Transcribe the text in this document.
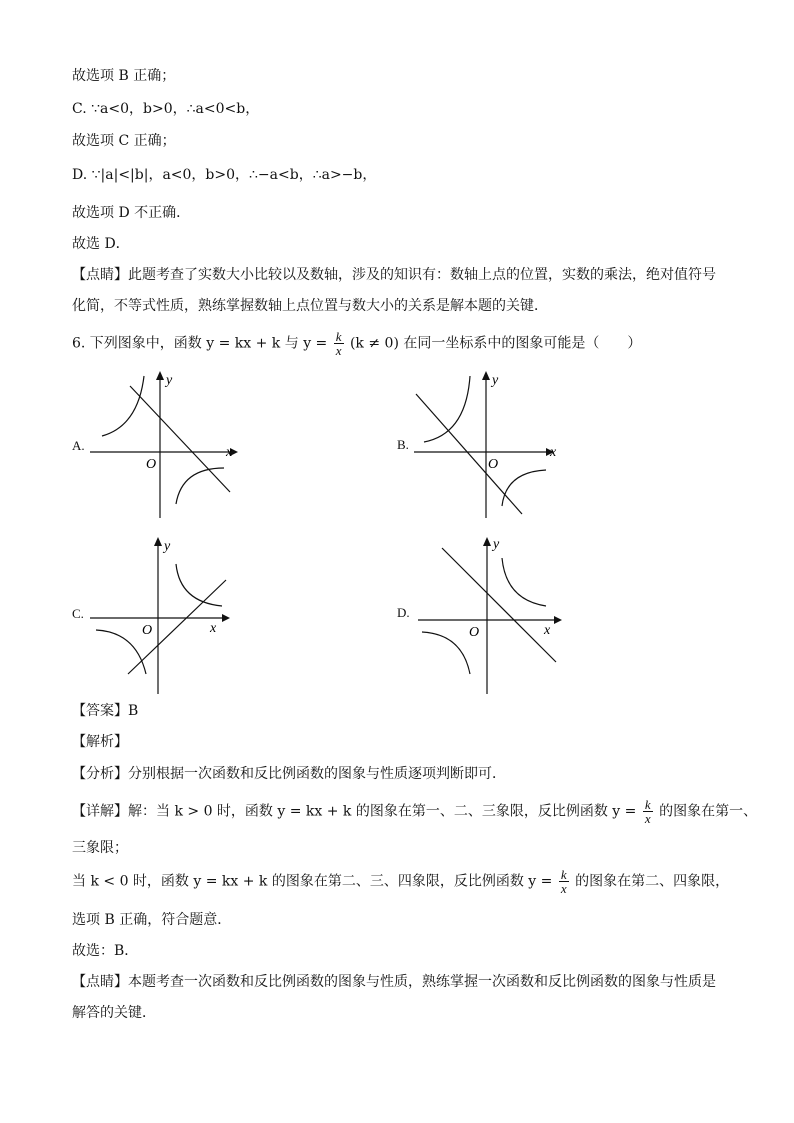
故选项 B 正确；
C. ∵a<0，b>0，∴a<0<b，
故选项 C 正确；
D. ∵|a|<|b|，a<0，b>0，∴−a<b，∴a>−b，
故选项 D 不正确．
故选 D．
【点睛】此题考查了实数大小比较以及数轴，涉及的知识有：数轴上点的位置，实数的乘法，绝对值符号
化简，不等式性质，熟练掌握数轴上点位置与数大小的关系是解本题的关键．
6. 下列图象中，函数 y = kx + k 与 $y = \frac{k}{x} (k \ne 0)$ 在同一坐标系中的图象可能是（　　）
A.	x
y
O
B.
x
y
O
C.
x
y
O
D.
x
y
O
【答案】B
【解析】
【分析】分别根据一次函数和反比例函数的图象与性质逐项判断即可．
【详解】解：当 k > 0 时，函数 y = kx + k 的图象在第一、二、三象限，反比例函数 $y = \frac{k}{x}$ 的图象在第一、
三象限；
当 k < 0 时，函数 y = kx + k 的图象在第二、三、四象限，反比例函数 $y = \frac{k}{x}$ 的图象在第二、四象限，
选项 B 正确，符合题意．
故选：B．
【点睛】本题考查一次函数和反比例函数的图象与性质，熟练掌握一次函数和反比例函数的图象与性质是
解答的关键．
